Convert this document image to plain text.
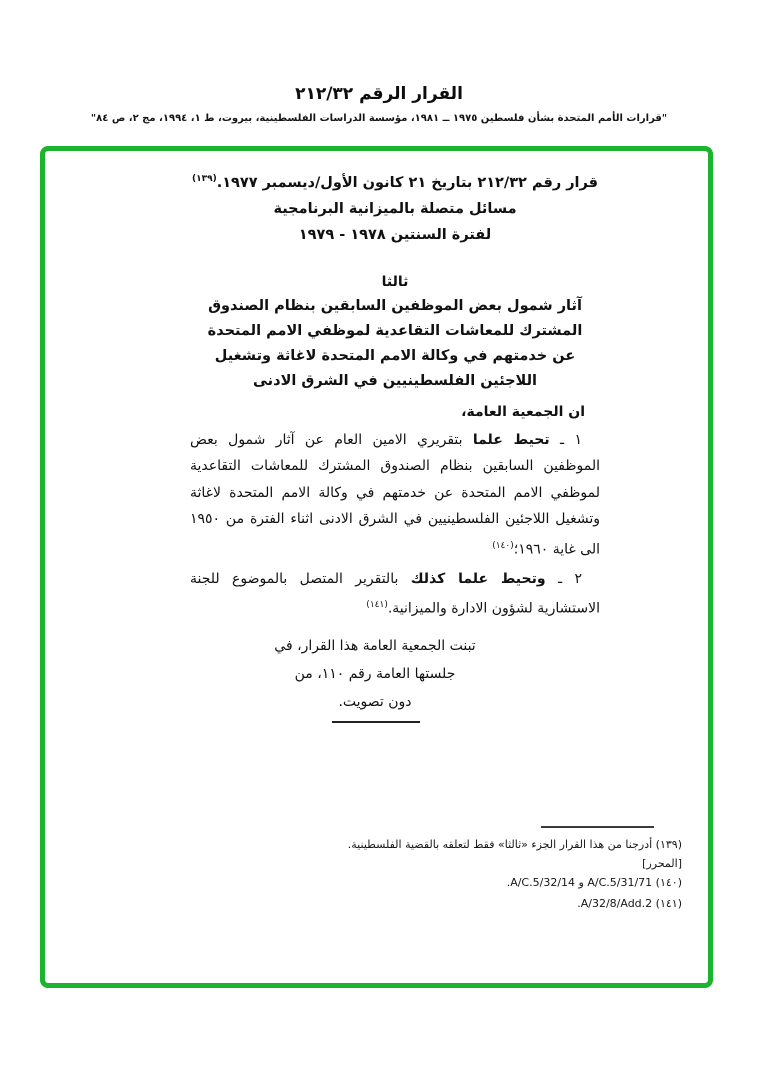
القرار الرقم ٢١٢/٣٢
"قرارات الأمم المتحدة بشأن فلسطين ١٩٧٥ ــ ١٩٨١، مؤسسة الدراسات الفلسطينية، بيروت، ط ١، ١٩٩٤، مج ٢، ص ٨٤"
قرار رقم ٢١٢/٣٢ بتاريخ ٢١ كانون الأول/ديسمبر ١٩٧٧.$^{(١٣٩)}$
مسائل متصلة بالميزانية البرنامجية
لفترة السنتين ١٩٧٨ - ١٩٧٩
ثالثا
آثار شمول بعض الموظفين السابقين بنظام الصندوق
المشترك للمعاشات التقاعدية لموظفي الامم المتحدة
عن خدمتهم في وكالة الامم المتحدة لاغاثة وتشغيل
اللاجئين الفلسطينيين في الشرق الادنى

ان الجمعية العامة،

١ ـ تحيط علما بتقريري الامين العام عن آثار شمول بعض الموظفين السابقين بنظام الصندوق المشترك للمعاشات التقاعدية لموظفي الامم المتحدة عن خدمتهم في وكالة الامم المتحدة لاغاثة وتشغيل اللاجئين الفلسطينيين في الشرق الادنى اثناء الفترة من ١٩٥٠ الى غاية ١٩٦٠؛$^{(١٤٠)}$

٢ ـ وتحيط علما كذلك بالتقرير المتصل بالموضوع للجنة الاستشارية لشؤون الادارة والميزانية.$^{(١٤١)}$

تبنت الجمعية العامة هذا القرار، في
جلستها العامة رقم ١١٠، من
دون تصويت.
(١٣٩) أدرجنا من هذا القرار الجزء «ثالثا» فقط لتعلقه بالقضية الفلسطينية.
[المحرر]
(١٤٠) A/C.5/31/71 و A/C.5/32/14.
(١٤١) A/32/8/Add.2.
